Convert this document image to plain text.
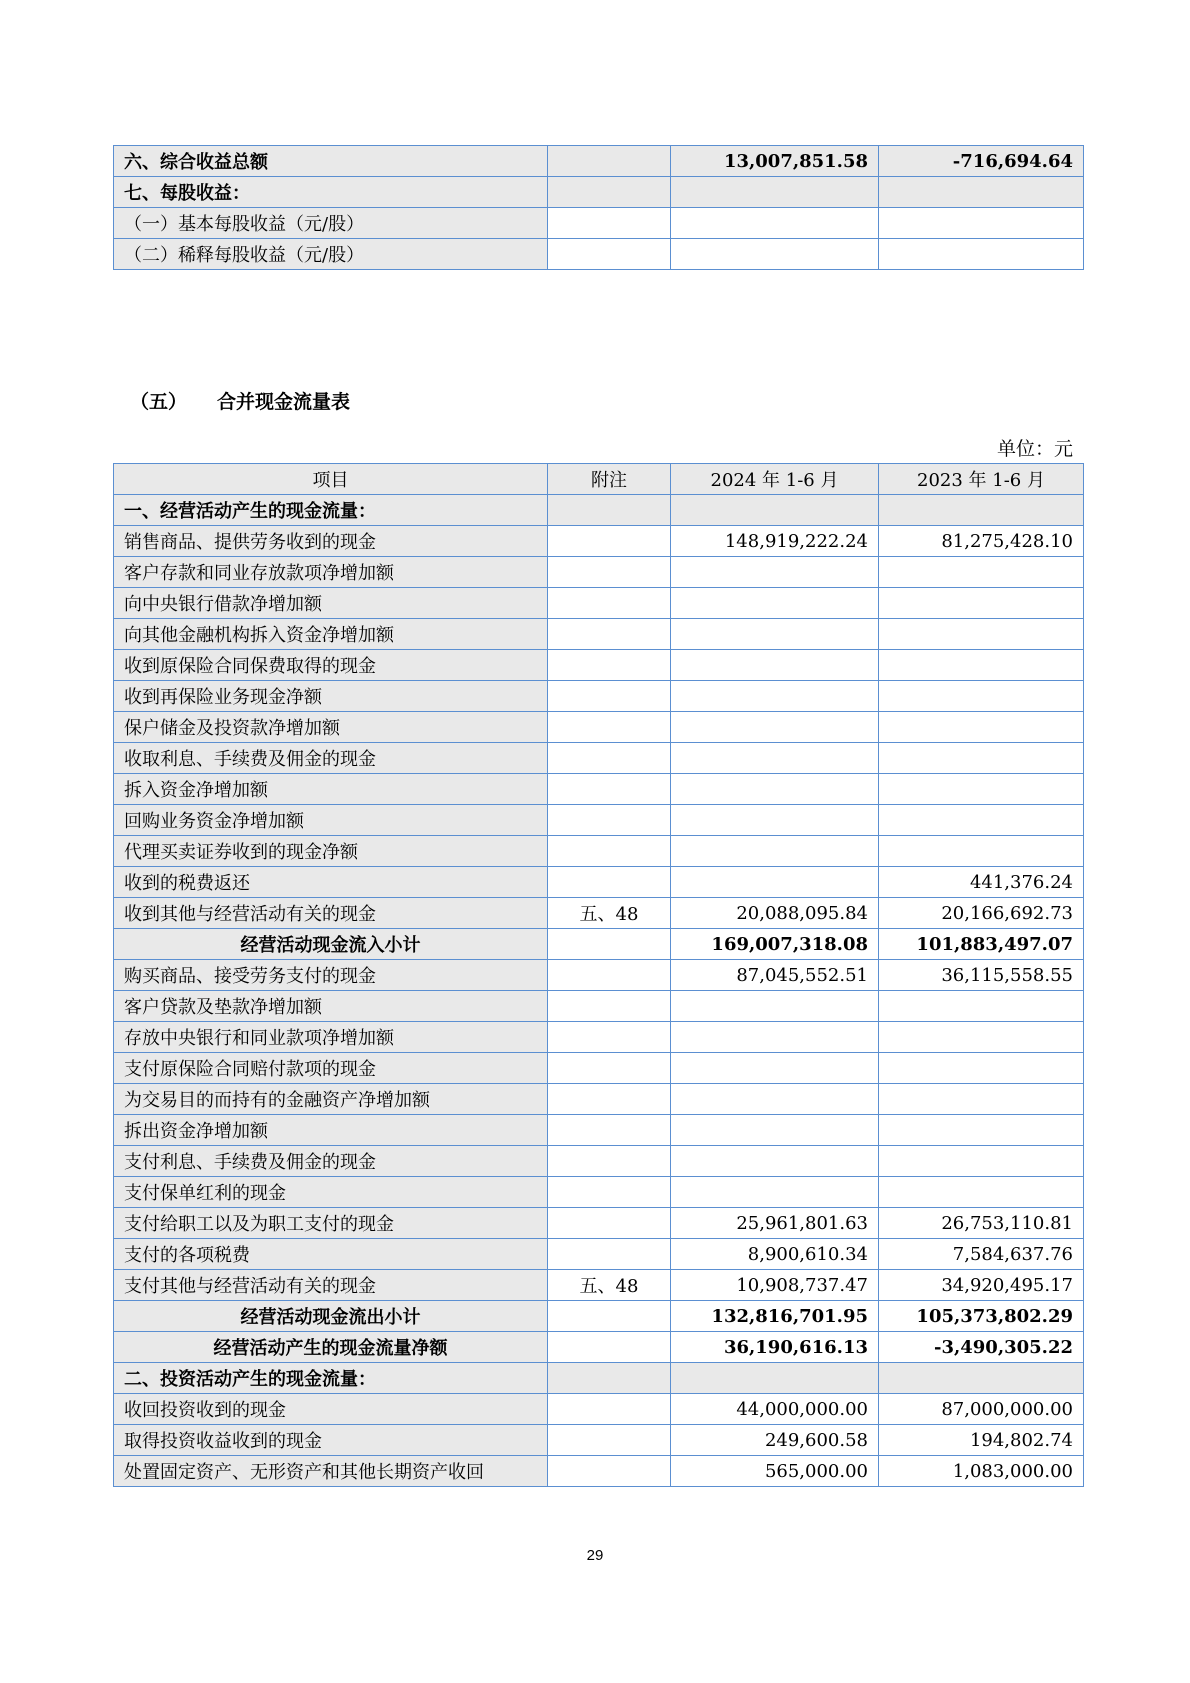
六、综合收益总额		13,007,851.58	-716,694.64
七、每股收益：			
（一）基本每股收益（元/股）			
（二）稀释每股收益（元/股）			
（五） 合并现金流量表
单位：元
项目	附注	2024 年 1-6 月	2023 年 1-6 月
一、经营活动产生的现金流量：			
销售商品、提供劳务收到的现金		148,919,222.24	81,275,428.10
客户存款和同业存放款项净增加额			
向中央银行借款净增加额			
向其他金融机构拆入资金净增加额			
收到原保险合同保费取得的现金			
收到再保险业务现金净额			
保户储金及投资款净增加额			
收取利息、手续费及佣金的现金			
拆入资金净增加额			
回购业务资金净增加额			
代理买卖证券收到的现金净额			
收到的税费返还			441,376.24
收到其他与经营活动有关的现金	五、48	20,088,095.84	20,166,692.73
经营活动现金流入小计		169,007,318.08	101,883,497.07
购买商品、接受劳务支付的现金		87,045,552.51	36,115,558.55
客户贷款及垫款净增加额			
存放中央银行和同业款项净增加额			
支付原保险合同赔付款项的现金			
为交易目的而持有的金融资产净增加额			
拆出资金净增加额			
支付利息、手续费及佣金的现金			
支付保单红利的现金			
支付给职工以及为职工支付的现金		25,961,801.63	26,753,110.81
支付的各项税费		8,900,610.34	7,584,637.76
支付其他与经营活动有关的现金	五、48	10,908,737.47	34,920,495.17
经营活动现金流出小计		132,816,701.95	105,373,802.29
经营活动产生的现金流量净额		36,190,616.13	-3,490,305.22
二、投资活动产生的现金流量：			
收回投资收到的现金		44,000,000.00	87,000,000.00
取得投资收益收到的现金		249,600.58	194,802.74
处置固定资产、无形资产和其他长期资产收回		565,000.00	1,083,000.00
29
